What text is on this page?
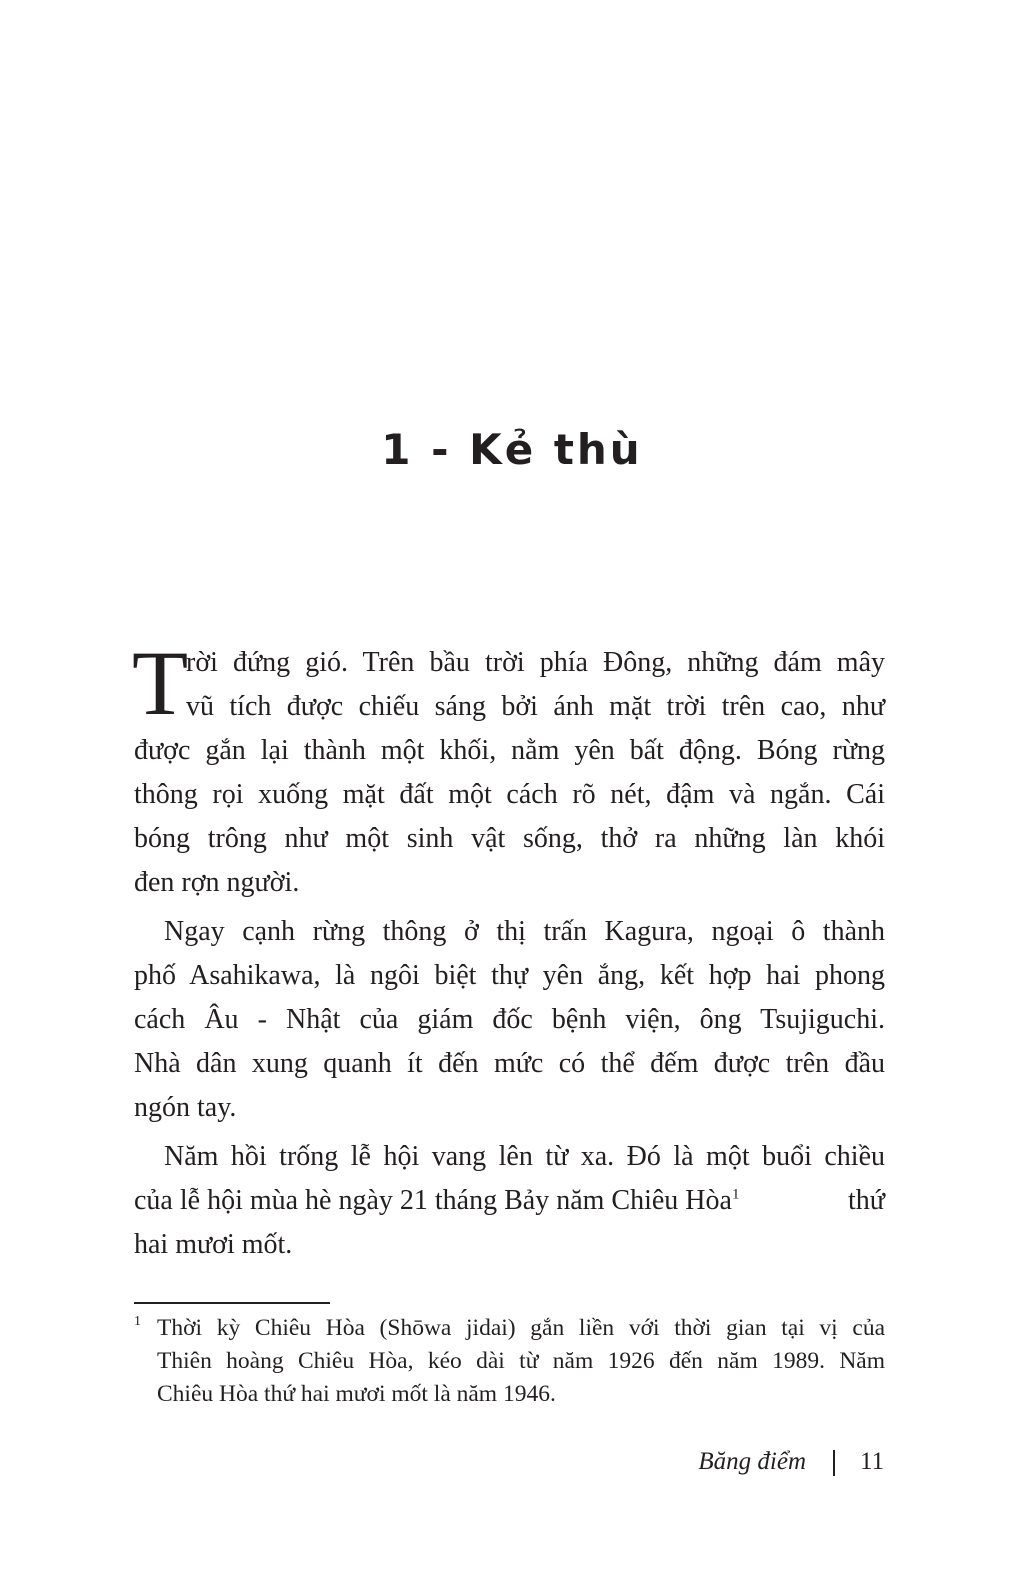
1 - Kẻ thù
T
rời đứng gió. Trên bầu trời phía Đông, những đám mây
vũ tích được chiếu sáng bởi ánh mặt trời trên cao, như
được gắn lại thành một khối, nằm yên bất động. Bóng rừng
thông rọi xuống mặt đất một cách rõ nét, đậm và ngắn. Cái
bóng trông như một sinh vật sống, thở ra những làn khói
đen rợn người.
Ngay cạnh rừng thông ở thị trấn Kagura, ngoại ô thành
phố Asahikawa, là ngôi biệt thự yên ắng, kết hợp hai phong
cách Âu - Nhật của giám đốc bệnh viện, ông Tsujiguchi.
Nhà dân xung quanh ít đến mức có thể đếm được trên đầu
ngón tay.
Năm hồi trống lễ hội vang lên từ xa. Đó là một buổi chiều
của lễ hội mùa hè ngày 21 tháng Bảy năm Chiêu Hòa$^1$	thứ
hai mươi mốt.
1 Thời kỳ Chiêu Hòa (Shōwa jidai) gắn liền với thời gian tại vị của
Thiên hoàng Chiêu Hòa, kéo dài từ năm 1926 đến năm 1989. Năm
Chiêu Hòa thứ hai mươi mốt là năm 1946.
Băng điểm 11
